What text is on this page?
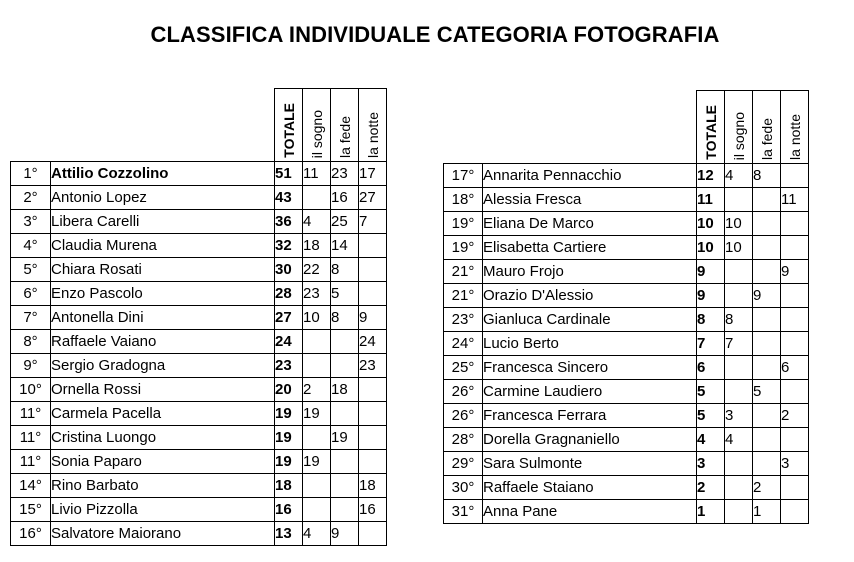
CLASSIFICA INDIVIDUALE CATEGORIA FOTOGRAFIA

		TOTALE	il sogno	la fede	la notte

1°	Attilio Cozzolino	51	11	23	17
2°	Antonio Lopez	43		16	27
3°	Libera Carelli	36	4	25	7
4°	Claudia Murena	32	18	14	
5°	Chiara Rosati	30	22	8	
6°	Enzo Pascolo	28	23	5	
7°	Antonella Dini	27	10	8	9
8°	Raffaele Vaiano	24			24
9°	Sergio Gradogna	23			23
10°	Ornella Rossi	20	2	18	
11°	Carmela Pacella	19	19		
11°	Cristina Luongo	19		19	
11°	Sonia Paparo	19	19		
14°	Rino Barbato	18			18
15°	Livio Pizzolla	16			16
16°	Salvatore Maiorano	13	4	9	

		TOTALE	il sogno	la fede	la notte

17°	Annarita Pennacchio	12	4	8	
18°	Alessia Fresca	11			11
19°	Eliana De Marco	10	10		
19°	Elisabetta Cartiere	10	10		
21°	Mauro Frojo	9			9
21°	Orazio D'Alessio	9		9	
23°	Gianluca Cardinale	8	8		
24°	Lucio Berto	7	7		
25°	Francesca Sincero	6			6
26°	Carmine Laudiero	5		5	
26°	Francesca Ferrara	5	3		2
28°	Dorella Gragnaniello	4	4		
29°	Sara Sulmonte	3			3
30°	Raffaele Staiano	2		2	
31°	Anna Pane	1		1	
